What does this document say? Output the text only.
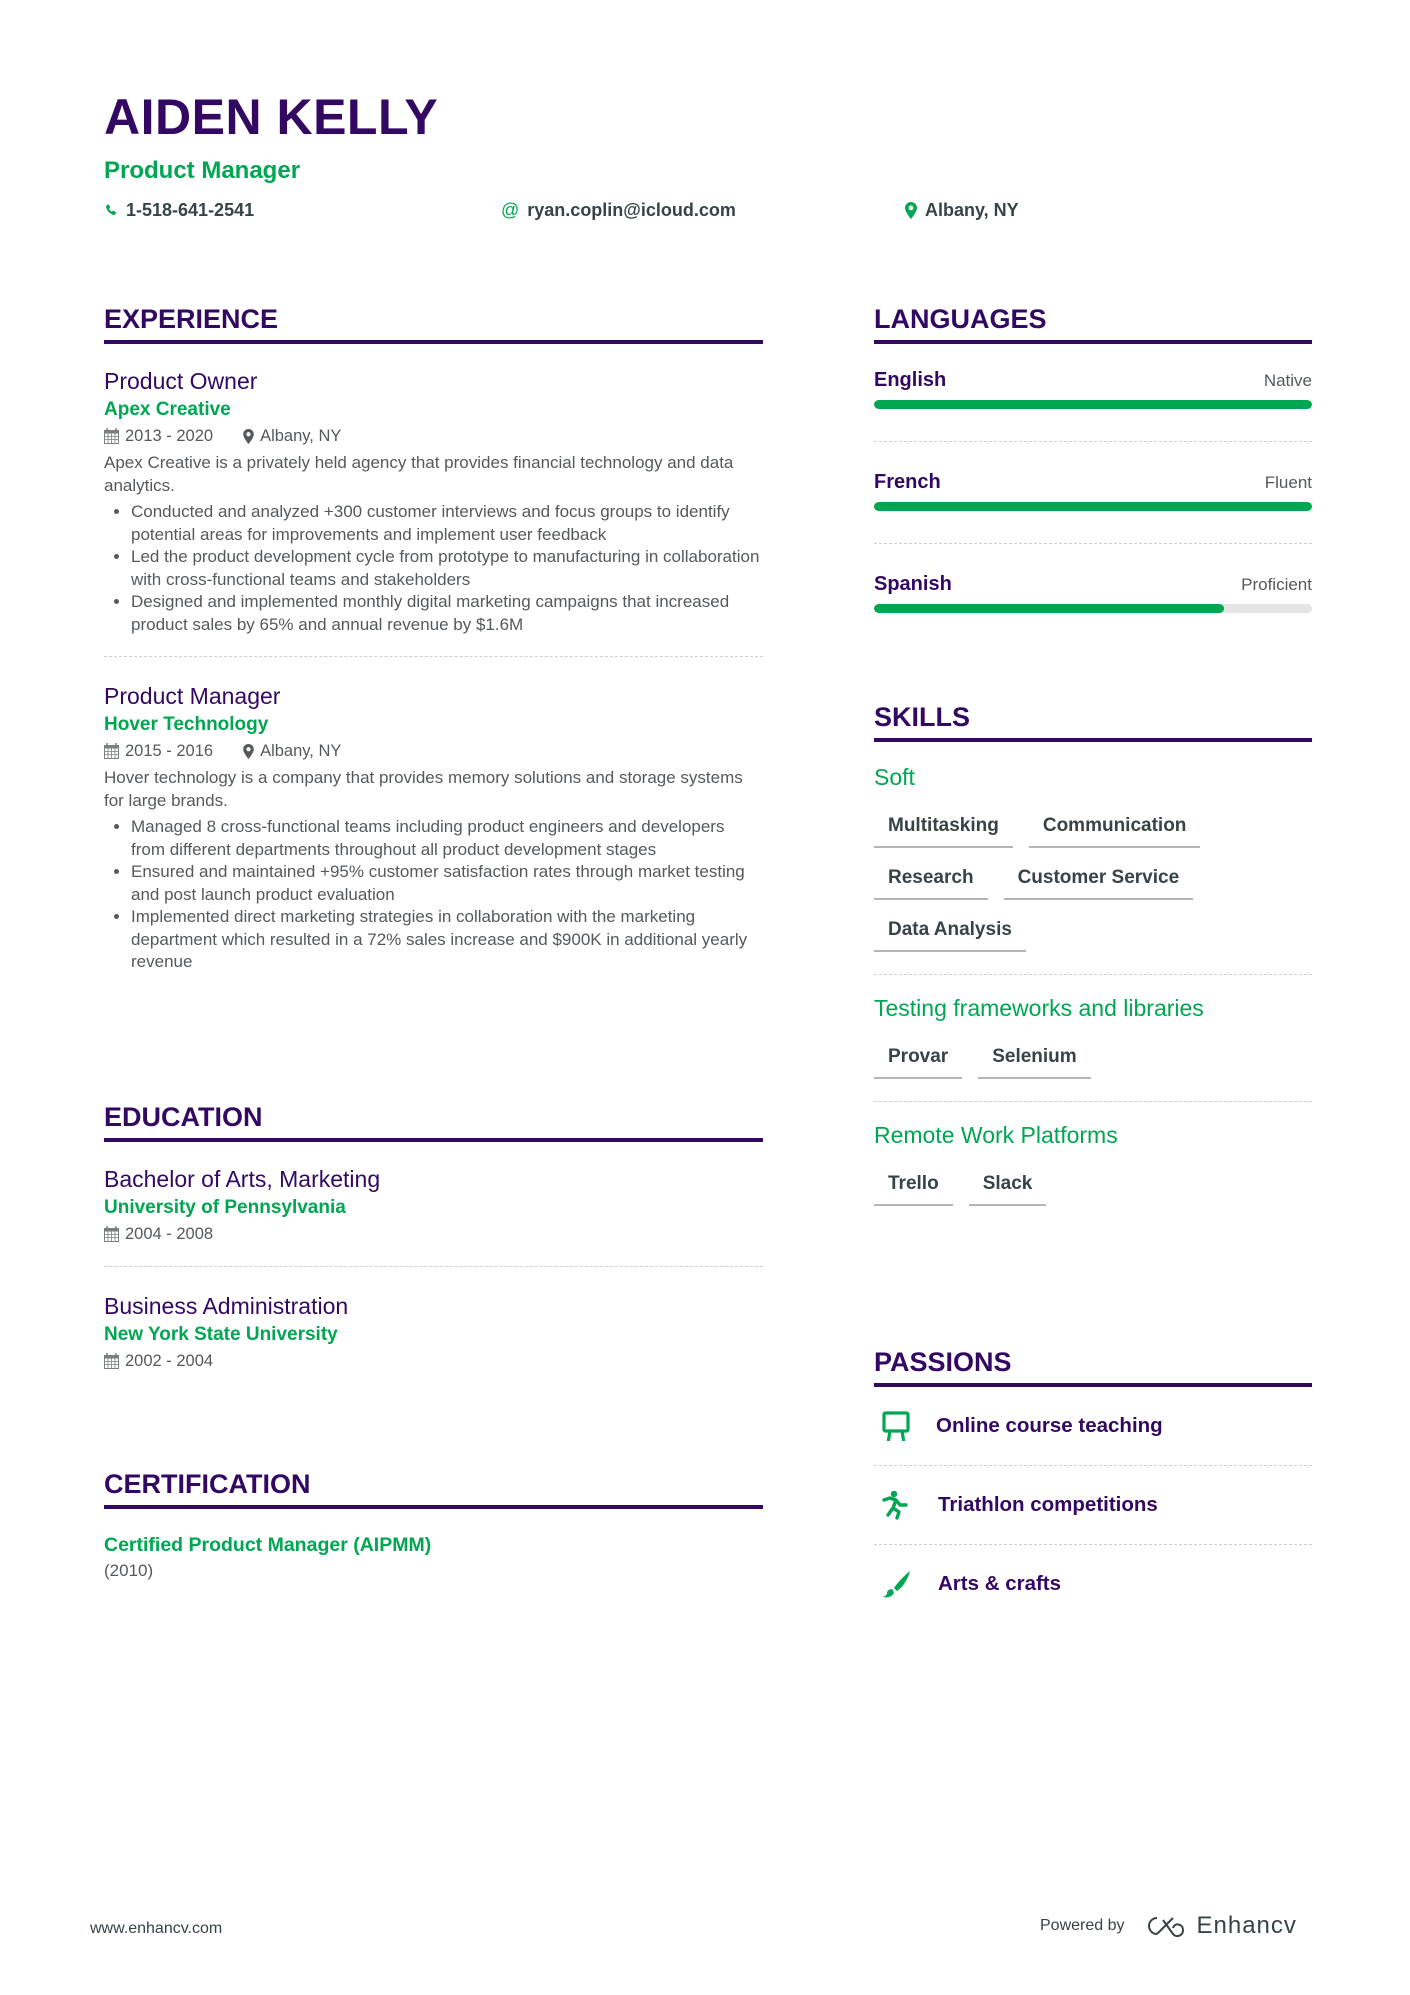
AIDEN KELLY
Product Manager
1-518-641-2541	@ ryan.coplin@icloud.com	Albany, NY
EXPERIENCE
Product Owner
Apex Creative
2013 - 2020	Albany, NY
Apex Creative is a privately held agency that provides financial technology and data analytics.
• Conducted and analyzed +300 customer interviews and focus groups to identify potential areas for improvements and implement user feedback
• Led the product development cycle from prototype to manufacturing in collaboration with cross-functional teams and stakeholders
• Designed and implemented monthly digital marketing campaigns that increased product sales by 65% and annual revenue by $1.6M
Product Manager
Hover Technology
2015 - 2016	Albany, NY
Hover technology is a company that provides memory solutions and storage systems for large brands.
• Managed 8 cross-functional teams including product engineers and developers from different departments throughout all product development stages
• Ensured and maintained +95% customer satisfaction rates through market testing and post launch product evaluation
• Implemented direct marketing strategies in collaboration with the marketing department which resulted in a 72% sales increase and $900K in additional yearly revenue
EDUCATION
Bachelor of Arts, Marketing
University of Pennsylvania
2004 - 2008
Business Administration
New York State University
2002 - 2004
CERTIFICATION
Certified Product Manager (AIPMM)
(2010)
LANGUAGES
English	Native
French	Fluent
Spanish	Proficient
SKILLS
Soft
Multitasking	Communication
Research	Customer Service
Data Analysis
Testing frameworks and libraries
Provar	Selenium
Remote Work Platforms
Trello	Slack
PASSIONS
Online course teaching
Triathlon competitions
Arts & crafts
www.enhancv.com	Powered by	Enhancv
